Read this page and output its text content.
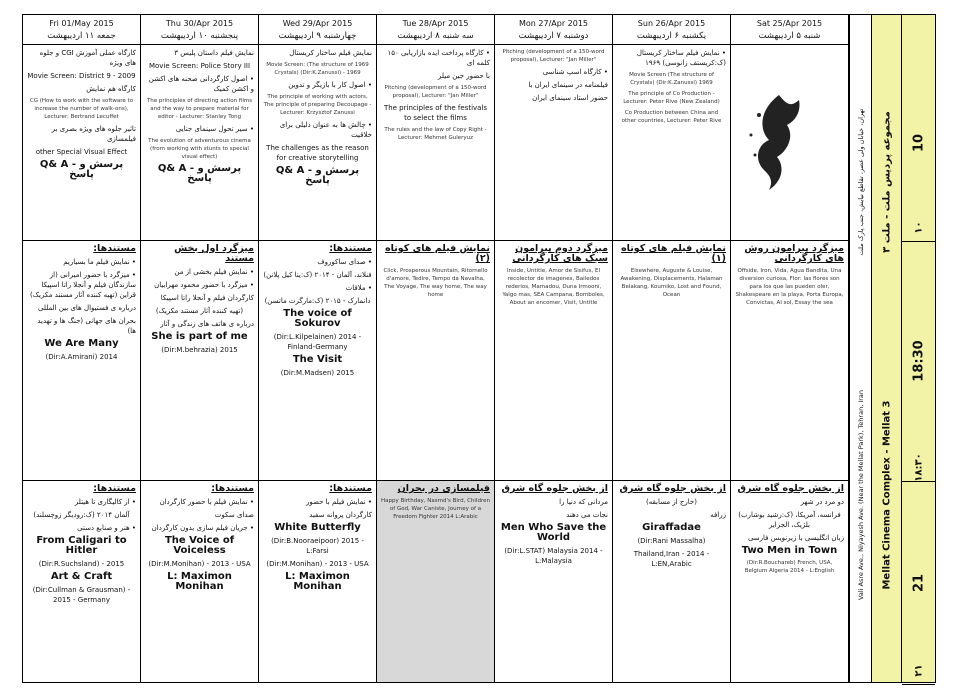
Fri 01/May 2015
جمعه ۱۱ اردیبهشت
کارگاه عملی آموزش CGI و جلوه های ویژه
Movie Screen: District 9 - 2009
کارگاه هم نمایش
CG (How to work with the software to increase the number of walk-ons), Lecturer: Bertrand Lecuffet
تاثیر جلوه های ویژه بصری بر فیلمسازی
other Special Visual Effect
Q& A - پرسش و پاسخ
مستندها:
• نمایش فیلم ما بسیاریم
• میزگرد با حضور امیرانی (از سازندگان فیلم و آنجلا راتا اسپیکا قراین (تهیه کننده آثار مستند مکزیک)
درباره ی فستیوال های بین المللی
بحران های جهانی (جنگ ها و تهدید ها)
We Are Many
(Dir:A.Amirani) 2014
مستندها:
• از کالیگاری تا هیتلر
(ک:رودیگر زوچسلند) آلمان ۲۰۱۴
• هنر و صنایع دستی
From Caligari to Hitler
(Dir:R.Suchsland) - 2015
Art & Craft
(Dir:Cullman & Grausman) - 2015 - Germany
Thu 30/Apr 2015
پنجشنبه ۱۰ اردیبهشت
نمایش فیلم داستان پلیس ۳
Movie Screen: Police Story III
• اصول کارگردانی صحنه های اکشن و اکشن کمیک
The principles of directing action films and the way to prepare material for editor - Lecturer: Stanley Tong
• سیر تحول سینمای جنایی
The evolution of adventurous cinema (from working with stunts to special visual effect)
Q& A - پرسش و پاسخ
میزگرد اول بخش مستند
• نمایش فیلم بخشی از من
• میزگرد با حضور محمود مهرابیان
کارگردان فیلم و آنجلا راتا اسپیکا
(تهیه کننده آثار مستند مکزیک)
درباره ی هاتف های زندگی و آثار
She is part of me
(Dir:M.behrazia) 2015
مستندها:
• نمایش فیلم با حضور کارگردان
صدای سکوت
• جریان فیلم سازی بدون کارگردان
The Voice of Voiceless
(Dir:M.Monihan) - 2013 - USA
L: Maximon Monihan
Wed 29/Apr 2015
چهارشنبه ۹ اردیبهشت
نمایش فیلم ساختار کریستال
Movie Screen: (The structure of 1969 Crystals) (Dir:K.Zanussi) - 1969
• اصول کار با بازیگر و تدوین
The principle of working with actors, The principle of preparing Decoupage - Lecturer: Krzysztof Zanussi
• چالش ها به عنوان دلیلی برای خلاقیت
The challenges as the reason for creative storytelling
Q& A - پرسش و پاسخ
مستندها:
• صدای ساکوروف
(ک:ینا کیل پلانن) فنلاند، آلمان - ۲۰۱۴
• ملاقات
(ک:مارگرت ماتسن) دانمارک - ۲۰۱۵
The voice of Sokurov
(Dir:L.Kilpelainen) 2014 - Finland-Germany
The Visit
(Dir:M.Madsen) 2015
مستندها:
• نمایش فیلم با حضور
کارگردان پروانه سفید
White Butterfly
(Dir:B.Nooraeipoor) 2015 - L:Farsi
(Dir:M.Monihan) - 2013 - USA
L: Maximon Monihan
Tue 28/Apr 2015
سه شنبه ۸ اردیبهشت
• کارگاه پرداخت ایده بازاریابی ۱۵۰ کلمه ای
با حضور جین میلر
Pitching (development of a 150-word proposal), Lecturer: "Jan Miller"
The principles of the festivals to select the films
The rules and the law of Copy Right - Lecturer: Mehmet Guleryuz
نمایش فیلم های کوتاه (۲)
Click, Prosperous Mountain, Ritornello d'amore, Tedire, Tempo da Navalha, The Voyage, The way home, The way home
فیلمسازی در بحران
Happy Birthday, Nasmd's Bird, Children of God, War Caniste, Journey of a Freedom Fighter 2014 L:Arabic
Mon 27/Apr 2015
دوشنبه ۷ اردیبهشت
Pitching (development of a 150-word proposal), Lecturer: "Jan Miller"
• کارگاه اسپ شناسی
فیلمنامه در سینمای ایران با
حضور استاد سینمای ایران
میزگرد دوم پیرامون سبک های کارگردانی
Inside, Untitle, Amor de Sisifus, El recolector de imagenes, Bailedos rederios, Mamadou, Duna Irmooni, Yalgo mas, SEA Campana, Bomboles, About an encomer, Visit, Untitle
از بخش جلوه گاه شرق
مردانی که دنیا را
نجات می دهند
Men Who Save the World
(Dir:L.STAT) Malaysia 2014 - L:Malaysia
Sun 26/Apr 2015
یکشنبه ۶ اردیبهشت
• نمایش فیلم ساختار کریستال (ک:کریستف زانوسی) ۱۹۶۹
Movie Screen (The structure of Crystals) (Dir:K.Zanussi) 1969
The principle of Co Production - Lecturer: Peter Rive (New Zealand)
Co Production between China and other countries, Lecturer: Peter Rive
نمایش فیلم های کوتاه (۱)
Elsewhere, Auguste & Louise, Awakening, Displacements, Halaman Belakang, Koumiko, Lost and Found, Ocean
از بخش جلوه گاه شرق
(خارج از مسابقه)
زرافه
Giraffadae
(Dir:Rani Massalha)
Thailand,Iran - 2014 - L:EN,Arabic
Sat 25/Apr 2015
شنبه ۵ اردیبهشت
میزگرد پیرامون روش های کارگردانی
Offside, Iron, Vida, Agua Bandita, Una diversion curiosa, Flor: las flores son para los que las pueden oler, Shakespeare en la playa, Porta Europa, Convictas, Al sol, Essay the sea
از بخش جلوه گاه شرق
دو مرد در شهر
(ک:رشید بوشارب) فرانسه، آمریکا، بلژیک، الجزایر
زبان انگلیسی با زیرنویس فارسی
Two Men in Town
(Dir:R.Bouchareb) French, USA, Belgium Algeria 2014 - L:English	Vali Asre Ave., Niyayesh Ave. (Near the Mellat Park), Tehran, Iran
تهران، خیابان ولی عصر، تقاطع نیایش، جنب پارک ملت
Mellat Cinema Complex - Mellat 3
مجموعه پردیس ملت - ملت ۳ 10
۱۰
18:30
۱۸:۳۰
21
۲۱
